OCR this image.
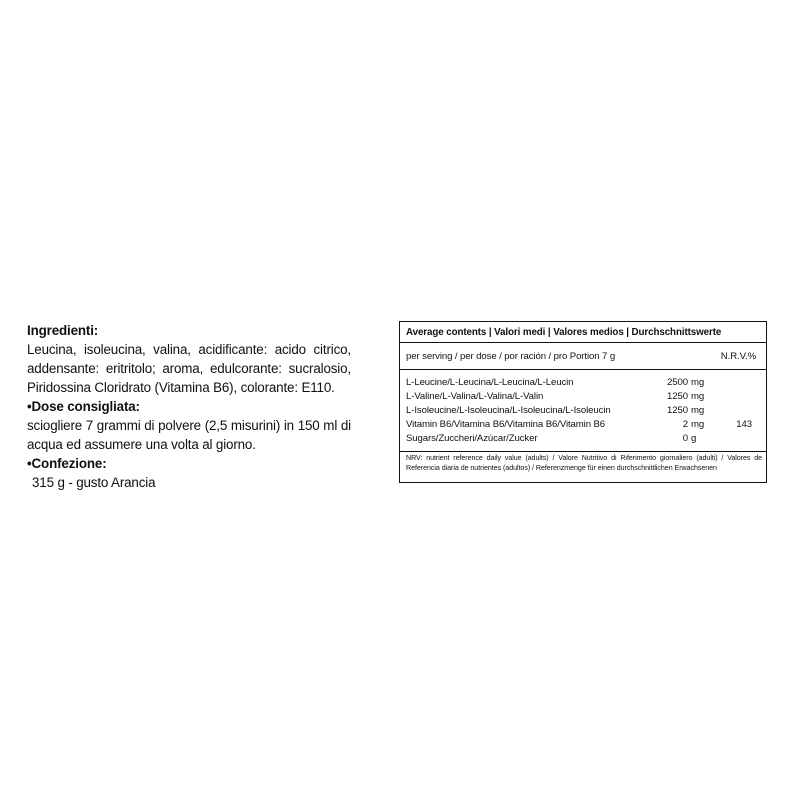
Ingredienti:
Leucina, isoleucina, valina, acidificante: acido citrico, addensante: eritritolo; aroma, edulcorante: sucralosio, Piridossina Cloridrato (Vitamina B6), colorante: E110.
•Dose consigliata:
sciogliere 7 grammi di polvere (2,5 misurini) in 150 ml di acqua ed assumere una volta al giorno.
•Confezione:
315 g - gusto Arancia
Average contents | Valori medi | Valores medios | Durchschnittswerte
per serving / per dose / por ración / pro Portion 7 g	N.R.V.%
L-Leucine/L-Leucina/L-Leucina/L-Leucin	2500 mg
L-Valine/L-Valina/L-Valina/L-Valin	1250 mg
L-Isoleucine/L-Isoleucina/L-Isoleucina/L-Isoleucin	1250 mg
Vitamin B6/Vitamina B6/Vitamina B6/Vitamin B6	2 mg	143
Sugars/Zuccheri/Azúcar/Zucker	0 g
NRV: nutrient reference daily value (adults) / Valore Nutritivo di Riferimento giornaliero (adulti) / Valores de Referencia diaria de nutrientes (adultos) / Referenzmenge für einen durchschnittlichen Erwachsenen
